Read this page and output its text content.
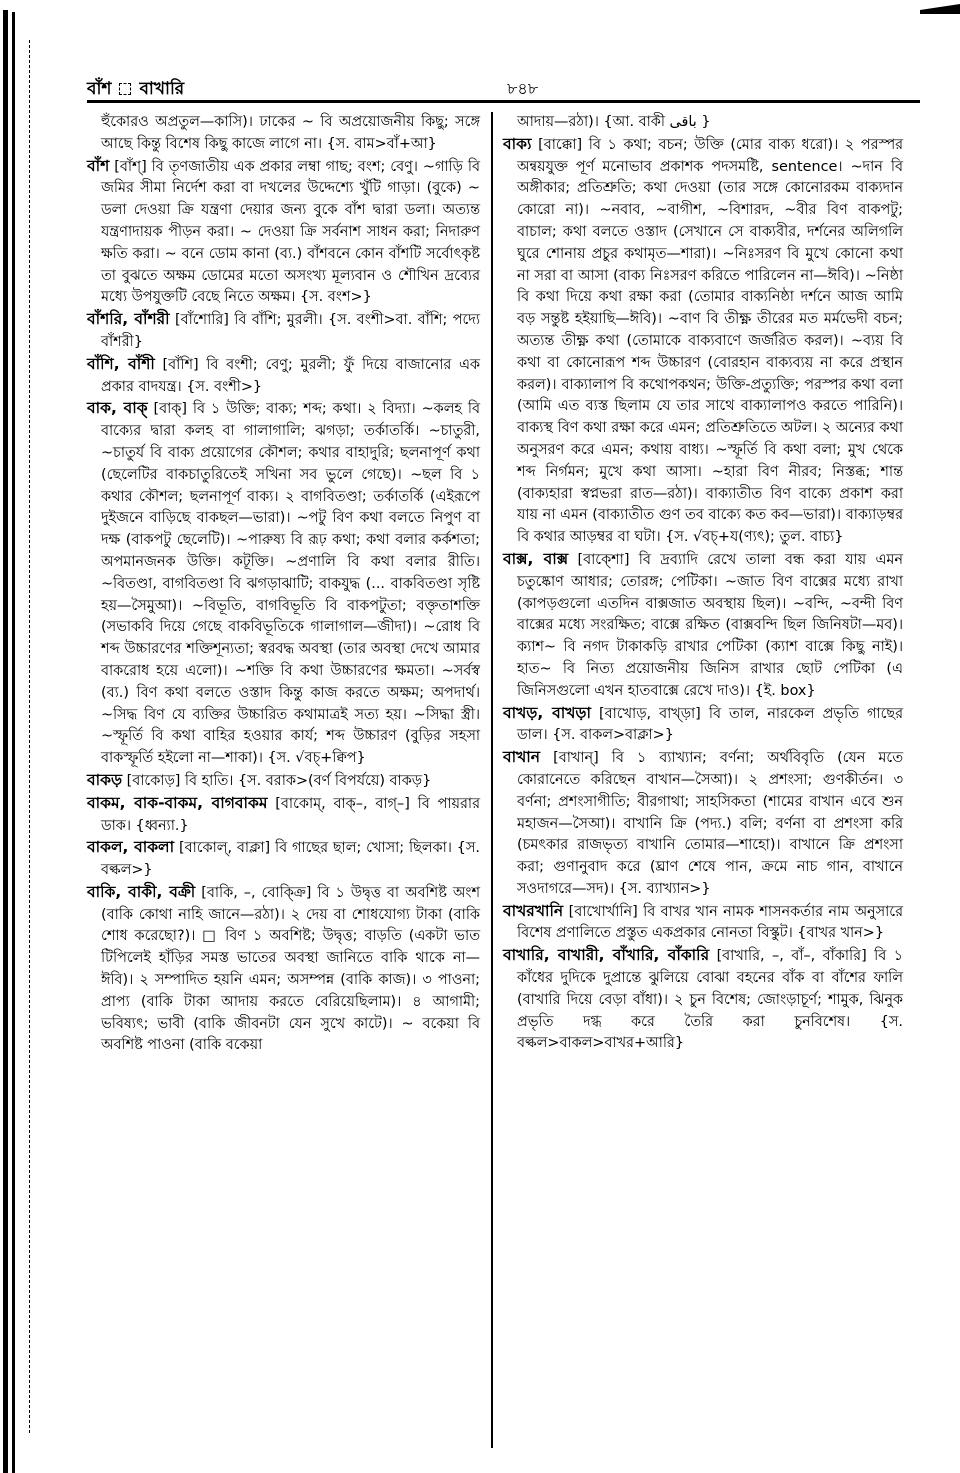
বাঁশ বাখারি	৮৪৮

হুঁকোরও অপ্রতুল—কাসি)। ঢাকের ~ বি অপ্রয়োজনীয় কিছু; সঙ্গে আছে কিন্তু বিশেষ কিছু কাজে লাগে না। {স. বাম>বাঁ+আ}

বাঁশ [বাঁশ্] বি তৃণজাতীয় এক প্রকার লম্বা গাছ; বংশ; বেণু। ~গাড়ি বি জমির সীমা নির্দেশ করা বা দখলের উদ্দেশ্যে খুঁটি গাড়া। (বুকে) ~ ডলা দেওয়া ক্রি যন্ত্রণা দেয়ার জন্য বুকে বাঁশ দ্বারা ডলা। অত্যন্ত যন্ত্রণাদায়ক পীড়ন করা। ~ দেওয়া ক্রি সর্বনাশ সাধন করা; নিদারুণ ক্ষতি করা। ~ বনে ডোম কানা (ব্য.) বাঁশবনে কোন বাঁশটি সর্বোৎকৃষ্ট তা বুঝতে অক্ষম ডোমের মতো অসংখ্য মূল্যবান ও শৌখিন দ্রব্যের মধ্যে উপযুক্তটি বেছে নিতে অক্ষম। {স. বংশ>}

বাঁশরি, বাঁশরী [বাঁশোরি] বি বাঁশি; মুরলী। {স. বংশী>বা. বাঁশি; পদ্যে বাঁশরী}

বাঁশি, বাঁশী [বাঁশি] বি বংশী; বেণু; মুরলী; ফুঁ দিয়ে বাজানোর এক প্রকার বাদযন্ত্র। {স. বংশী>}

বাক, বাক্ [বাক্] বি ১ উক্তি; বাক্য; শব্দ; কথা। ২ বিদ্যা। ~কলহ বি বাক্যের দ্বারা কলহ বা গালাগালি; ঝগড়া; তর্কাতর্কি। ~চাতুরী, ~চাতুর্য বি বাক্য প্রয়োগের কৌশল; কথার বাহাদুরি; ছলনাপূর্ণ কথা (ছেলেটির বাকচাতুরিতেই সখিনা সব ভুলে গেছে)। ~ছল বি ১ কথার কৌশল; ছলনাপূর্ণ বাক্য। ২ বাগবিতণ্ডা; তর্কাতর্কি (এইরূপে দুইজনে বাড়িছে বাকছল—ভারা)। ~পটু বিণ কথা বলতে নিপুণ বা দক্ষ (বাকপটু ছেলেটি)। ~পারুষ্য বি রূঢ় কথা; কথা বলার কর্কশতা; অপমানজনক উক্তি। কটূক্তি। ~প্রণালি বি কথা বলার রীতি। ~বিতণ্ডা, বাগবিতণ্ডা বি ঝগড়াঝাটি; বাকযুদ্ধ (... বাকবিতণ্ডা সৃষ্টি হয়—সৈমুআ)। ~বিভূতি, বাগবিভূতি বি বাকপটুতা; বক্তৃতাশক্তি (সভাকবি দিয়ে গেছে বাকবিভূতিকে গালাগাল—জীদা)। ~রোধ বি শব্দ উচ্চারণের শক্তিশূন্যতা; স্বরবদ্ধ অবস্থা (তার অবস্থা দেখে আমার বাকরোধ হয়ে এলো)। ~শক্তি বি কথা উচ্চারণের ক্ষমতা। ~সর্বস্ব (ব্য.) বিণ কথা বলতে ওস্তাদ কিন্তু কাজ করতে অক্ষম; অপদার্থ। ~সিদ্ধ বিণ যে ব্যক্তির উচ্চারিত কথামাত্রই সত্য হয়। ~সিদ্ধা স্ত্রী। ~স্ফূর্তি বি কথা বাহির হওয়ার কার্য; শব্দ উচ্চারণ (বুড়ির সহসা বাকস্ফূর্তি হইলো না—শাকা)। {স. √বচ্+ক্বিপ}

বাকড় [বাকোড়] বি হাতি। {স. বরাক>(বর্ণ বিপর্যয়ে) বাকড়}

বাকম, বাক-বাকম, বাগবাকম [বাকোম্, বাক্–, বাগ্–] বি পায়রার ডাক। {ধ্বন্যা.}

বাকল, বাকলা [বাকোল্, বাক্লা] বি গাছের ছাল; খোসা; ছিলকা। {স. বল্কল>}

বাকি, বাকী, বক্রী [বাকি, –, বোক্ক্রি] বি ১ উদ্বৃত্ত বা অবশিষ্ট অংশ (বাকি কোথা নাহি জানে—রঠা)। ২ দেয় বা শোধযোগ্য টাকা (বাকি শোধ করেছো?)। □ বিণ ১ অবশিষ্ট; উদ্বৃত্ত; বাড়তি (একটা ভাত টিপিলেই হাঁড়ির সমস্ত ভাতের অবস্থা জানিতে বাকি থাকে না—ঈবি)। ২ সম্পাদিত হয়নি এমন; অসম্পন্ন (বাকি কাজ)। ৩ পাওনা; প্রাপ্য (বাকি টাকা আদায় করতে বেরিয়েছিলাম)। ৪ আগামী; ভবিষ্যৎ; ভাবী (বাকি জীবনটা যেন সুখে কাটে)। ~ বকেয়া বি অবশিষ্ট পাওনা (বাকি বকেয়া

আদায়—রঠা)। {আ. বাকী باقی }

বাক্য [বাক্কো] বি ১ কথা; বচন; উক্তি (মোর বাক্য ধরো)। ২ পরস্পর অন্বয়যুক্ত পূর্ণ মনোভাব প্রকাশক পদসমষ্টি, sentence। ~দান বি অঙ্গীকার; প্রতিশ্রুতি; কথা দেওয়া (তার সঙ্গে কোনোরকম বাক্যদান কোরো না)। ~নবাব, ~বাগীশ, ~বিশারদ, ~বীর বিণ বাকপটু; বাচাল; কথা বলতে ওস্তাদ (সেখানে সে বাক্যবীর, দর্শনের অলিগলি ঘুরে শোনায় প্রচুর কথামৃত—শারা)। ~নিঃসরণ বি মুখে কোনো কথা না সরা বা আসা (বাক্য নিঃসরণ করিতে পারিলেন না—ঈবি)। ~নিষ্ঠা বি কথা দিয়ে কথা রক্ষা করা (তোমার বাক্যনিষ্ঠা দর্শনে আজ আমি বড় সন্তুষ্ট হইয়াছি—ঈবি)। ~বাণ বি তীক্ষ্ণ তীরের মত মর্মভেদী বচন; অত্যন্ত তীক্ষ্ণ কথা (তোমাকে বাক্যবাণে জর্জরিত করল)। ~ব্যয় বি কথা বা কোনোরূপ শব্দ উচ্চারণ (বোরহান বাক্যব্যয় না করে প্রস্থান করল)। বাক্যালাপ বি কথোপকথন; উক্তি-প্রত্যুক্তি; পরস্পর কথা বলা (আমি এত ব্যস্ত ছিলাম যে তার সাথে বাক্যালাপও করতে পারিনি)। বাক্যস্থ বিণ কথা রক্ষা করে এমন; প্রতিশ্রুতিতে অটল। ২ অন্যের কথা অনুসরণ করে এমন; কথায় বাধ্য। ~স্ফূর্তি বি কথা বলা; মুখ থেকে শব্দ নির্গমন; মুখে কথা আসা। ~হারা বিণ নীরব; নিস্তব্ধ; শান্ত (বাক্যহারা স্বপ্নভরা রাত—রঠা)। বাক্যাতীত বিণ বাক্যে প্রকাশ করা যায় না এমন (বাক্যাতীত গুণ তব বাক্যে কত কব—ভারা)। বাক্যাড়ম্বর বি কথার আড়ম্বর বা ঘটা। {স. √বচ্+য(ণ্যৎ); তুল. বাচ্য}

বাক্স, বাক্স [বাক্শো] বি দ্রব্যাদি রেখে তালা বন্ধ করা যায় এমন চতুষ্কোণ আধার; তোরঙ্গ; পেটিকা। ~জাত বিণ বাক্সের মধ্যে রাখা (কাপড়গুলো এতদিন বাক্সজাত অবস্থায় ছিল)। ~বন্দি, ~বন্দী বিণ বাক্সের মধ্যে সংরক্ষিত; বাক্সে রক্ষিত (বাক্সবন্দি ছিল জিনিষটা—মব)। ক্যাশ~ বি নগদ টাকাকড়ি রাখার পেটিকা (ক্যাশ বাক্সে কিছু নাই)। হাত~ বি নিত্য প্রয়োজনীয় জিনিস রাখার ছোট পেটিকা (এ জিনিসগুলো এখন হাতবাক্সে রেখে দাও)। {ই. box}

বাখড়, বাখড়া [বাখোড়, বাখ্ড়া] বি তাল, নারকেল প্রভৃতি গাছের ডাল। {স. বাকল>বাক্লা>}

বাখান [বাখান্] বি ১ ব্যাখ্যান; বর্ণনা; অর্থবিবৃতি (যেন মতে কোরানেতে করিছেন বাখান—সৈআ)। ২ প্রশংসা; গুণকীর্তন। ৩ বর্ণনা; প্রশংসাগীতি; বীরগাথা; সাহসিকতা (শামের বাখান এবে শুন মহাজন—সৈআ)। বাখানি ক্রি (পদ্য.) বলি; বর্ণনা বা প্রশংসা করি (চমৎকার রাজভৃত্য বাখানি তোমার—শাহো)। বাখানে ক্রি প্রশংসা করা; গুণানুবাদ করে (ঘ্রাণ শেষে পান, ক্রমে নাচ গান, বাখানে সওদাগরে—সদ)। {স. ব্যাখ্যান>}

বাখরখানি [বাখোর্খানি] বি বাখর খান নামক শাসনকর্তার নাম অনুসারে বিশেষ প্রণালিতে প্রস্তুত একপ্রকার নোনতা বিস্কুট। {বাখর খান>}

বাখারি, বাখারী, বাঁখারি, বাঁকারি [বাখারি, –, বাঁ–, বাঁকারি] বি ১ কাঁধের দুদিকে দুপ্রান্তে ঝুলিয়ে বোঝা বহনের বাঁক বা বাঁশের ফালি (বাখারি দিয়ে বেড়া বাঁধা)। ২ চুন বিশেষ; জোংড়াচূর্ণ; শামুক, ঝিনুক প্রভৃতি দগ্ধ করে তৈরি করা চুনবিশেষ। {স. বল্কল>বাকল>বাখর+আরি}
